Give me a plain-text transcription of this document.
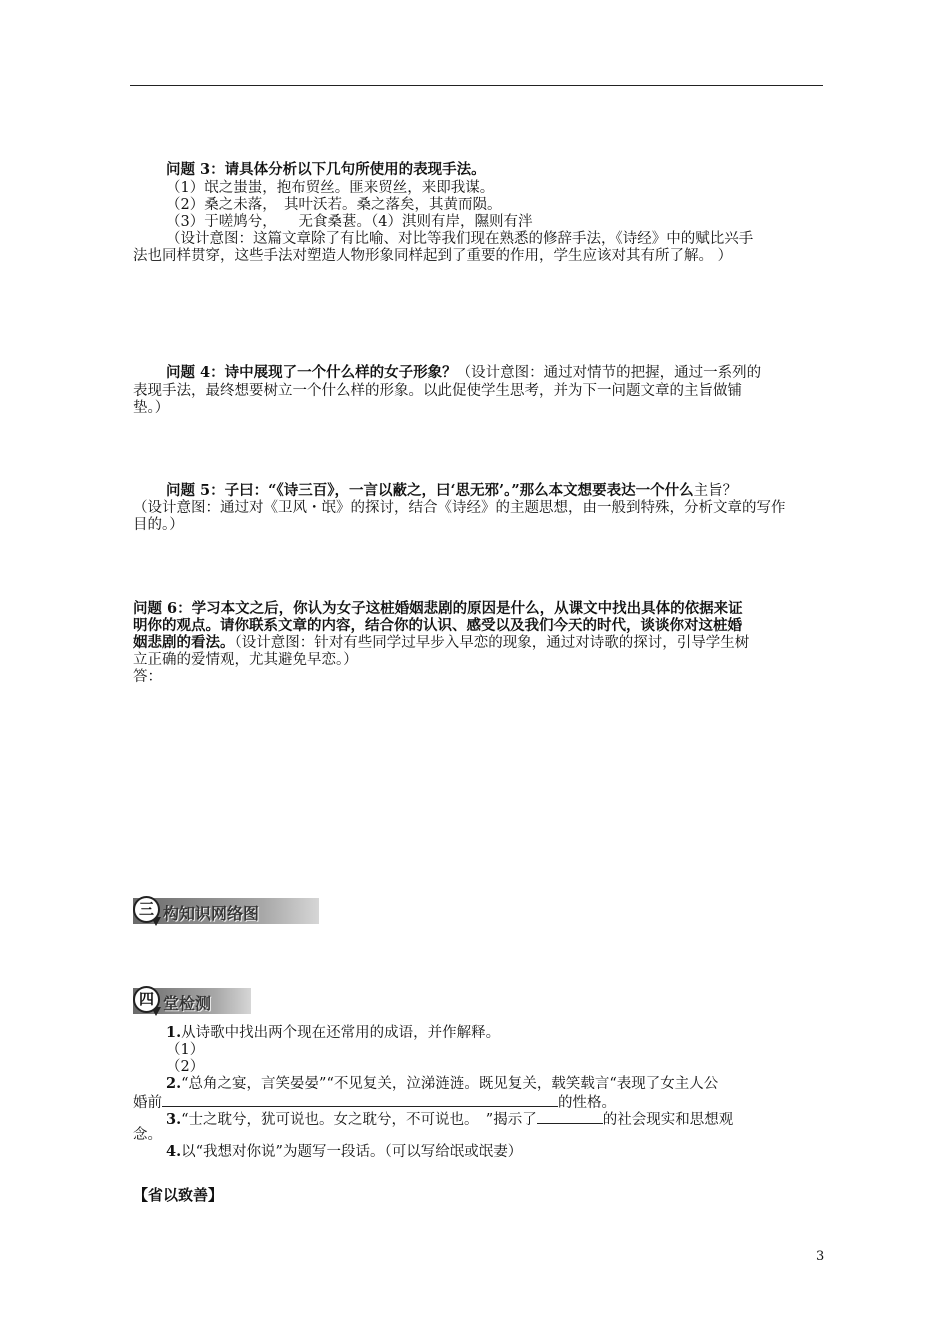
问题 3：请具体分析以下几句所使用的表现手法。
（1）氓之蚩蚩，抱布贸丝。匪来贸丝，来即我谋。
（2）桑之未落，　其叶沃若。桑之落矣，其黄而陨。
（3）于嗟鸠兮，　　无食桑葚。（4）淇则有岸，隰则有泮
（设计意图：这篇文章除了有比喻、对比等我们现在熟悉的修辞手法，《诗经》中的赋比兴手
法也同样贯穿，这些手法对塑造人物形象同样起到了重要的作用，学生应该对其有所了解。 ）
问题 4：诗中展现了一个什么样的女子形象？（设计意图：通过对情节的把握，通过一系列的
表现手法，最终想要树立一个什么样的形象。以此促使学生思考，并为下一问题文章的主旨做铺
垫。）
问题 5：子曰：“《诗三百》，一言以蔽之，曰‘思无邪’。”那么本文想要表达一个什么主旨？
（设计意图：通过对《卫风・氓》的探讨，结合《诗经》的主题思想，由一般到特殊，分析文章的写作
目的。）
问题 6：学习本文之后，你认为女子这桩婚姻悲剧的原因是什么，从课文中找出具体的依据来证
明你的观点。请你联系文章的内容，结合你的认识、感受以及我们今天的时代，谈谈你对这桩婚
姻悲剧的看法。（设计意图：针对有些同学过早步入早恋的现象，通过对诗歌的探讨，引导学生树
立正确的爱情观，尤其避免早恋。）
答：
三 构知识网络图
四 堂检测
1.从诗歌中找出两个现在还常用的成语，并作解释。
（1）
（2）
2.“总角之宴，言笑晏晏”“不见复关，泣涕涟涟。既见复关，载笑载言“表现了女主人公
婚前	的性格。
3.“士之耽兮，犹可说也。女之耽兮，不可说也。　”揭示了	的社会现实和思想观
念。
4.以“我想对你说”为题写一段话。（可以写给氓或氓妻）
【省以致善】
3
